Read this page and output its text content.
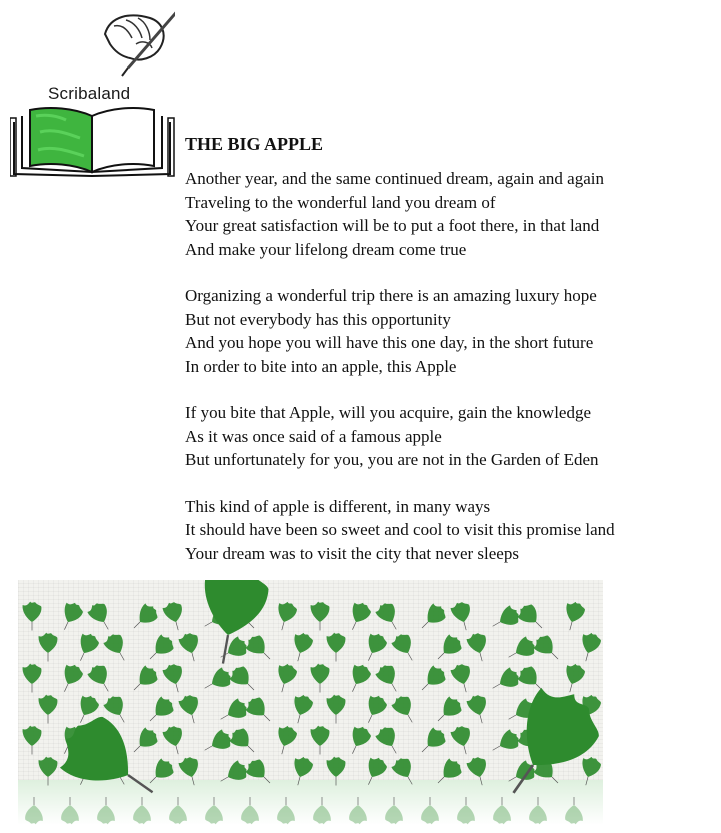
Scribaland
THE BIG APPLE
Another year, and the same continued dream, again and again
Traveling to the wonderful land you dream of
Your great satisfaction will be to put a foot there, in that land
And make your lifelong dream come true
Organizing a wonderful trip there is an amazing luxury hope
But not everybody has this opportunity
And you hope you will have this one day, in the short future
In order to bite into an apple, this Apple
If you bite that Apple, will you acquire, gain the knowledge
As it was once said of a famous apple
But unfortunately for you, you are not in the Garden of Eden
This kind of apple is different, in many ways
It should have been so sweet and cool to visit this promise land
Your dream was to visit the city that never sleeps
